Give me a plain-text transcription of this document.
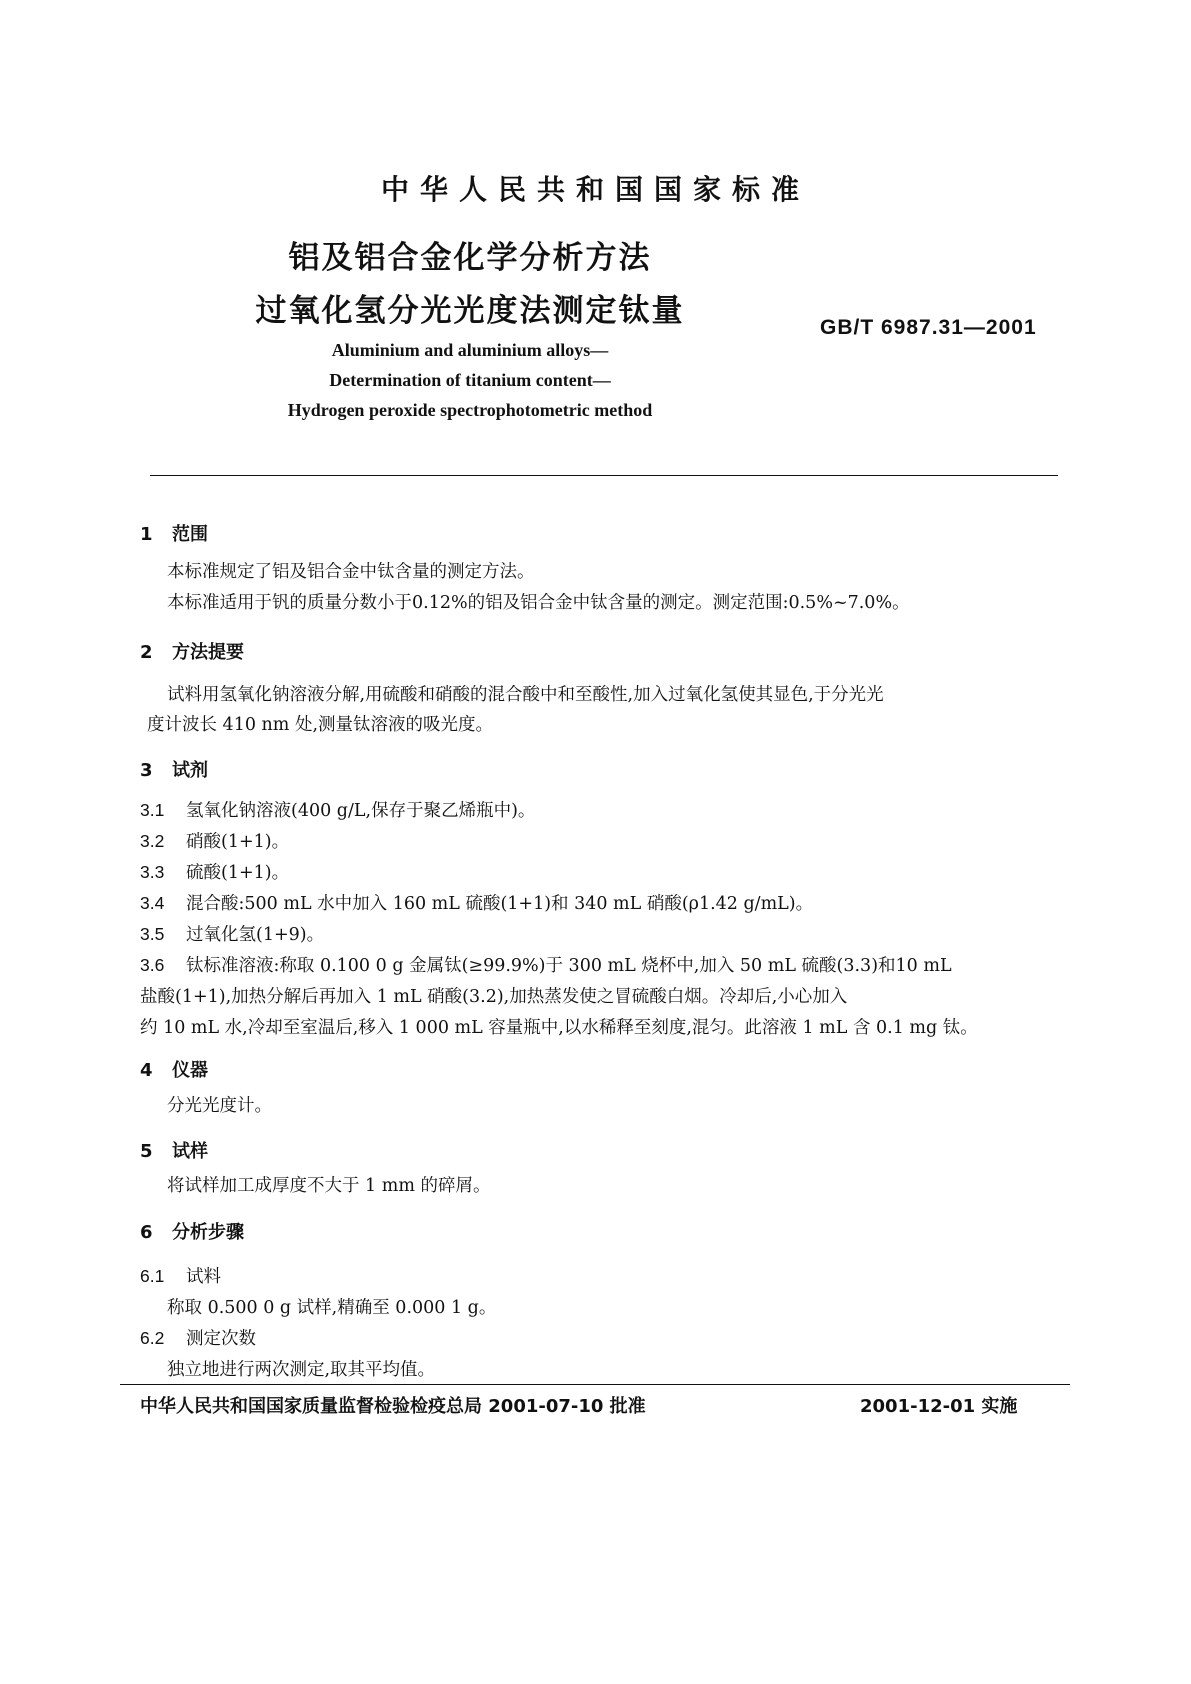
中华人民共和国国家标准
铝及铝合金化学分析方法
过氧化氢分光光度法测定钛量	GB/T 6987.31—2001
Aluminium and aluminium alloys—
Determination of titanium content—
Hydrogen peroxide spectrophotometric method
1 范围
本标准规定了铝及铝合金中钛含量的测定方法。
本标准适用于钒的质量分数小于0.12%的铝及铝合金中钛含量的测定。测定范围:0.5%~7.0%。
2 方法提要
试料用氢氧化钠溶液分解,用硫酸和硝酸的混合酸中和至酸性,加入过氧化氢使其显色,于分光光
度计波长 410 nm 处,测量钛溶液的吸光度。
3 试剂
3.1 氢氧化钠溶液(400 g/L,保存于聚乙烯瓶中)。
3.2 硝酸(1+1)。
3.3 硫酸(1+1)。
3.4 混合酸:500 mL 水中加入 160 mL 硫酸(1+1)和 340 mL 硝酸(ρ1.42 g/mL)。
3.5 过氧化氢(1+9)。
3.6 钛标准溶液:称取 0.100 0 g 金属钛(≥99.9%)于 300 mL 烧杯中,加入 50 mL 硫酸(3.3)和10 mL
盐酸(1+1),加热分解后再加入 1 mL 硝酸(3.2),加热蒸发使之冒硫酸白烟。冷却后,小心加入
约 10 mL 水,冷却至室温后,移入 1 000 mL 容量瓶中,以水稀释至刻度,混匀。此溶液 1 mL 含 0.1 mg 钛。
4 仪器
分光光度计。
5 试样
将试样加工成厚度不大于 1 mm 的碎屑。
6 分析步骤
6.1 试料
称取 0.500 0 g 试样,精确至 0.000 1 g。
6.2 测定次数
独立地进行两次测定,取其平均值。
中华人民共和国国家质量监督检验检疫总局 2001-07-10 批准	2001-12-01 实施
